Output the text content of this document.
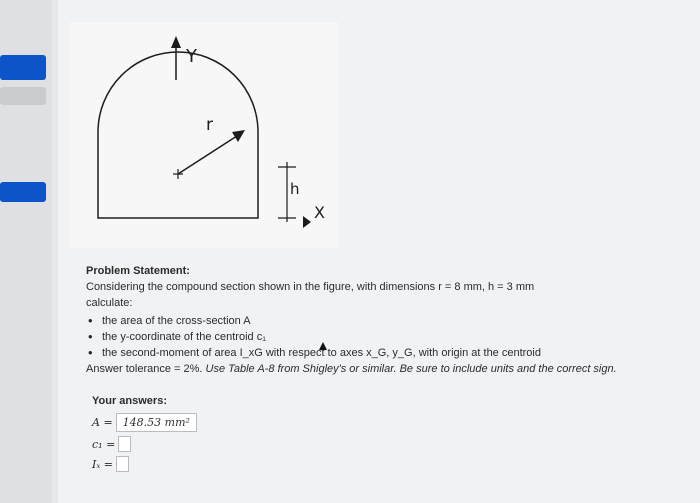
Y
r
h
X
Problem Statement:
Considering the compound section shown in the figure, with dimensions r = 8 mm, h = 3 mm
calculate:
• the area of the cross-section A
• the y-coordinate of the centroid c₁
• the second-moment of area I_xG with respect to axes x_G, y_G, with origin at the centroid
Answer tolerance = 2%. Use Table A-8 from Shigley's or similar. Be sure to include units and the correct sign.
Your answers:
A = 148.53 mm²
c₁ =
Iₓ =
